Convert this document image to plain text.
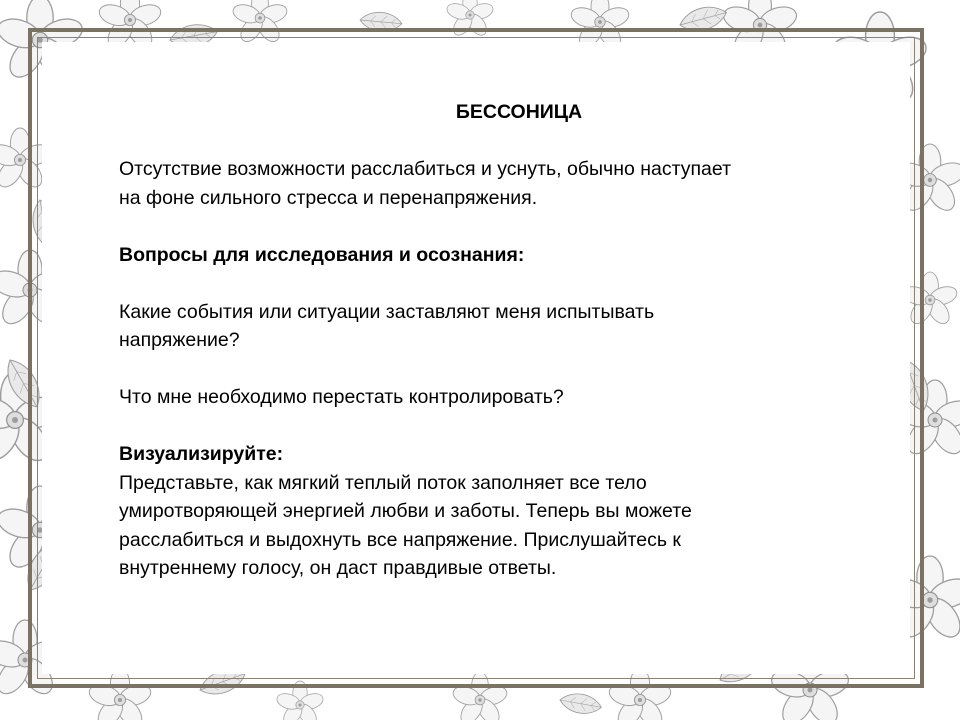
БЕССОНИЦА

Отсутствие возможности расслабиться и уснуть, обычно наступает

на фоне сильного стресса и перенапряжения.

Вопросы для исследования и осознания:

Какие события или ситуации заставляют меня испытывать

напряжение?

Что мне необходимо перестать контролировать?

Визуализируйте:

Представьте, как мягкий теплый поток заполняет все тело

умиротворяющей энергией любви и заботы. Теперь вы можете

расслабиться и выдохнуть все напряжение. Прислушайтесь к

внутреннему голосу, он даст правдивые ответы.
